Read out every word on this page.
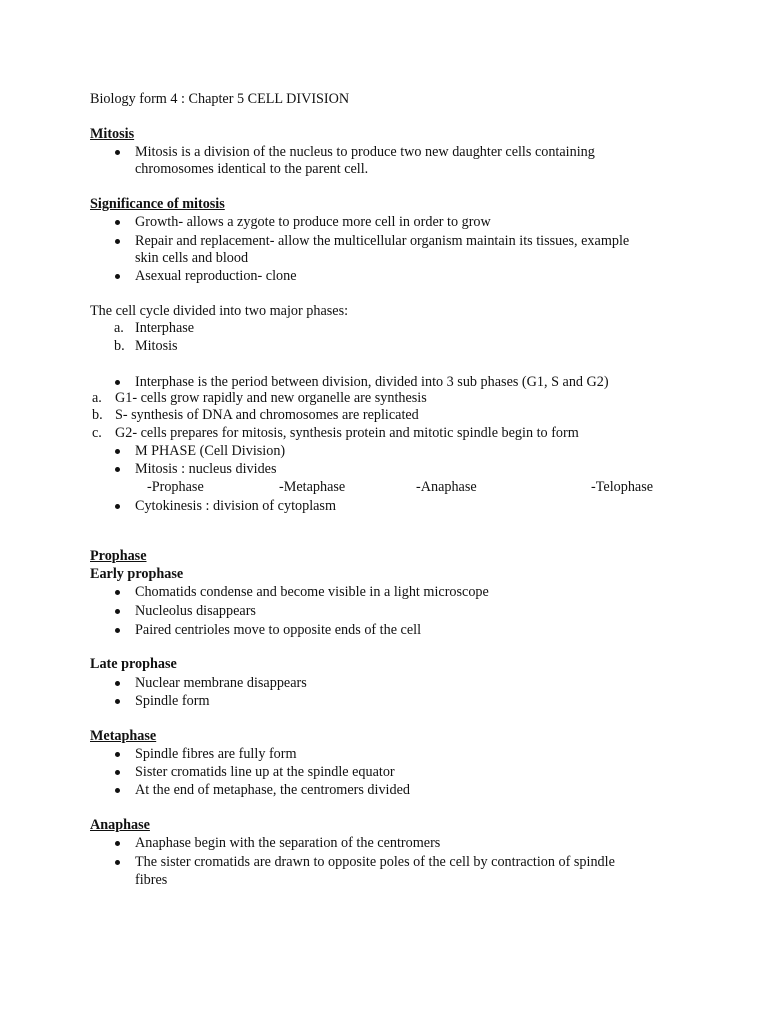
Biology form 4 : Chapter 5 CELL DIVISION
Mitosis
Mitosis is a division of the nucleus to produce two new daughter cells containing
chromosomes identical to the parent cell.
Significance of mitosis
Growth- allows a zygote to produce more cell in order to grow
Repair and replacement- allow the multicellular organism maintain its tissues, example
skin cells and blood
Asexual reproduction- clone
The cell cycle divided into two major phases:
a. Interphase
b. Mitosis
Interphase is the period between division, divided into 3 sub phases (G1, S and G2)
a. G1- cells grow rapidly and new organelle are synthesis
b. S- synthesis of DNA and chromosomes are replicated
c. G2- cells prepares for mitosis, synthesis protein and mitotic spindle begin to form
M PHASE (Cell Division)
Mitosis : nucleus divides
-Prophase	-Metaphase	-Anaphase	-Telophase
Cytokinesis : division of cytoplasm
Prophase
Early prophase
Chomatids condense and become visible in a light microscope
Nucleolus disappears
Paired centrioles move to opposite ends of the cell
Late prophase
Nuclear membrane disappears
Spindle form
Metaphase
Spindle fibres are fully form
Sister cromatids line up at the spindle equator
At the end of metaphase, the centromers divided
Anaphase
Anaphase begin with the separation of the centromers
The sister cromatids are drawn to opposite poles of the cell by contraction of spindle
fibres
